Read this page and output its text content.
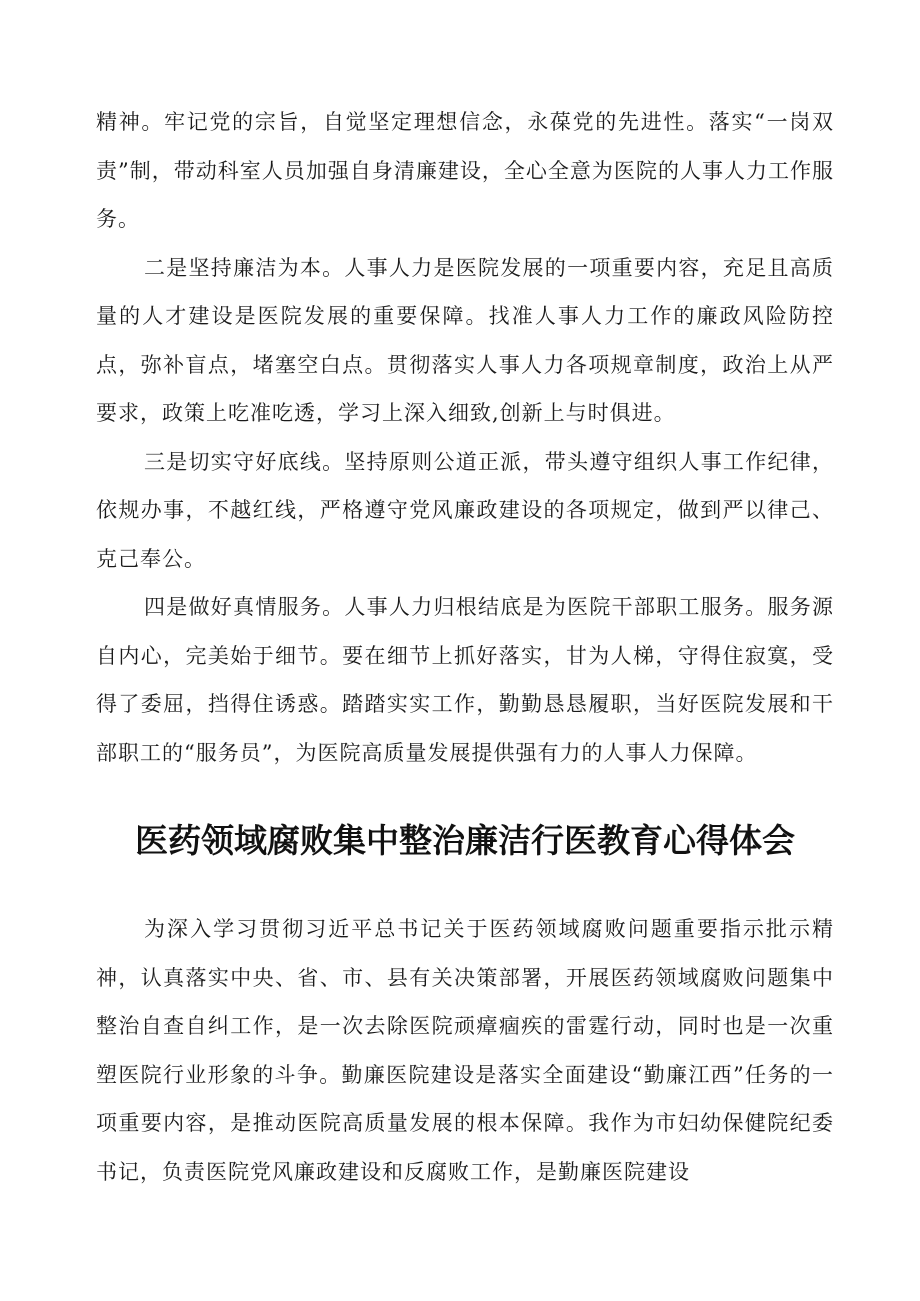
精神。牢记党的宗旨，自觉坚定理想信念，永葆党的先进性。落实“一岗双责”制，带动科室人员加强自身清廉建设，全心全意为医院的人事人力工作服务。

二是坚持廉洁为本。人事人力是医院发展的一项重要内容，充足且高质量的人才建设是医院发展的重要保障。找准人事人力工作的廉政风险防控点，弥补盲点，堵塞空白点。贯彻落实人事人力各项规章制度，政治上从严要求，政策上吃准吃透，学习上深入细致,创新上与时俱进。

三是切实守好底线。坚持原则公道正派，带头遵守组织人事工作纪律，依规办事，不越红线，严格遵守党风廉政建设的各项规定，做到严以律己、克己奉公。

四是做好真情服务。人事人力归根结底是为医院干部职工服务。服务源自内心，完美始于细节。要在细节上抓好落实，甘为人梯，守得住寂寞，受得了委屈，挡得住诱惑。踏踏实实工作，勤勤恳恳履职，当好医院发展和干部职工的“服务员”，为医院高质量发展提供强有力的人事人力保障。

医药领域腐败集中整治廉洁行医教育心得体会

为深入学习贯彻习近平总书记关于医药领域腐败问题重要指示批示精神，认真落实中央、省、市、县有关决策部署，开展医药领域腐败问题集中整治自查自纠工作，是一次去除医院顽瘴痼疾的雷霆行动，同时也是一次重塑医院行业形象的斗争。勤廉医院建设是落实全面建设“勤廉江西”任务的一项重要内容，是推动医院高质量发展的根本保障。我作为市妇幼保健院纪委书记，负责医院党风廉政建设和反腐败工作，是勤廉医院建设
